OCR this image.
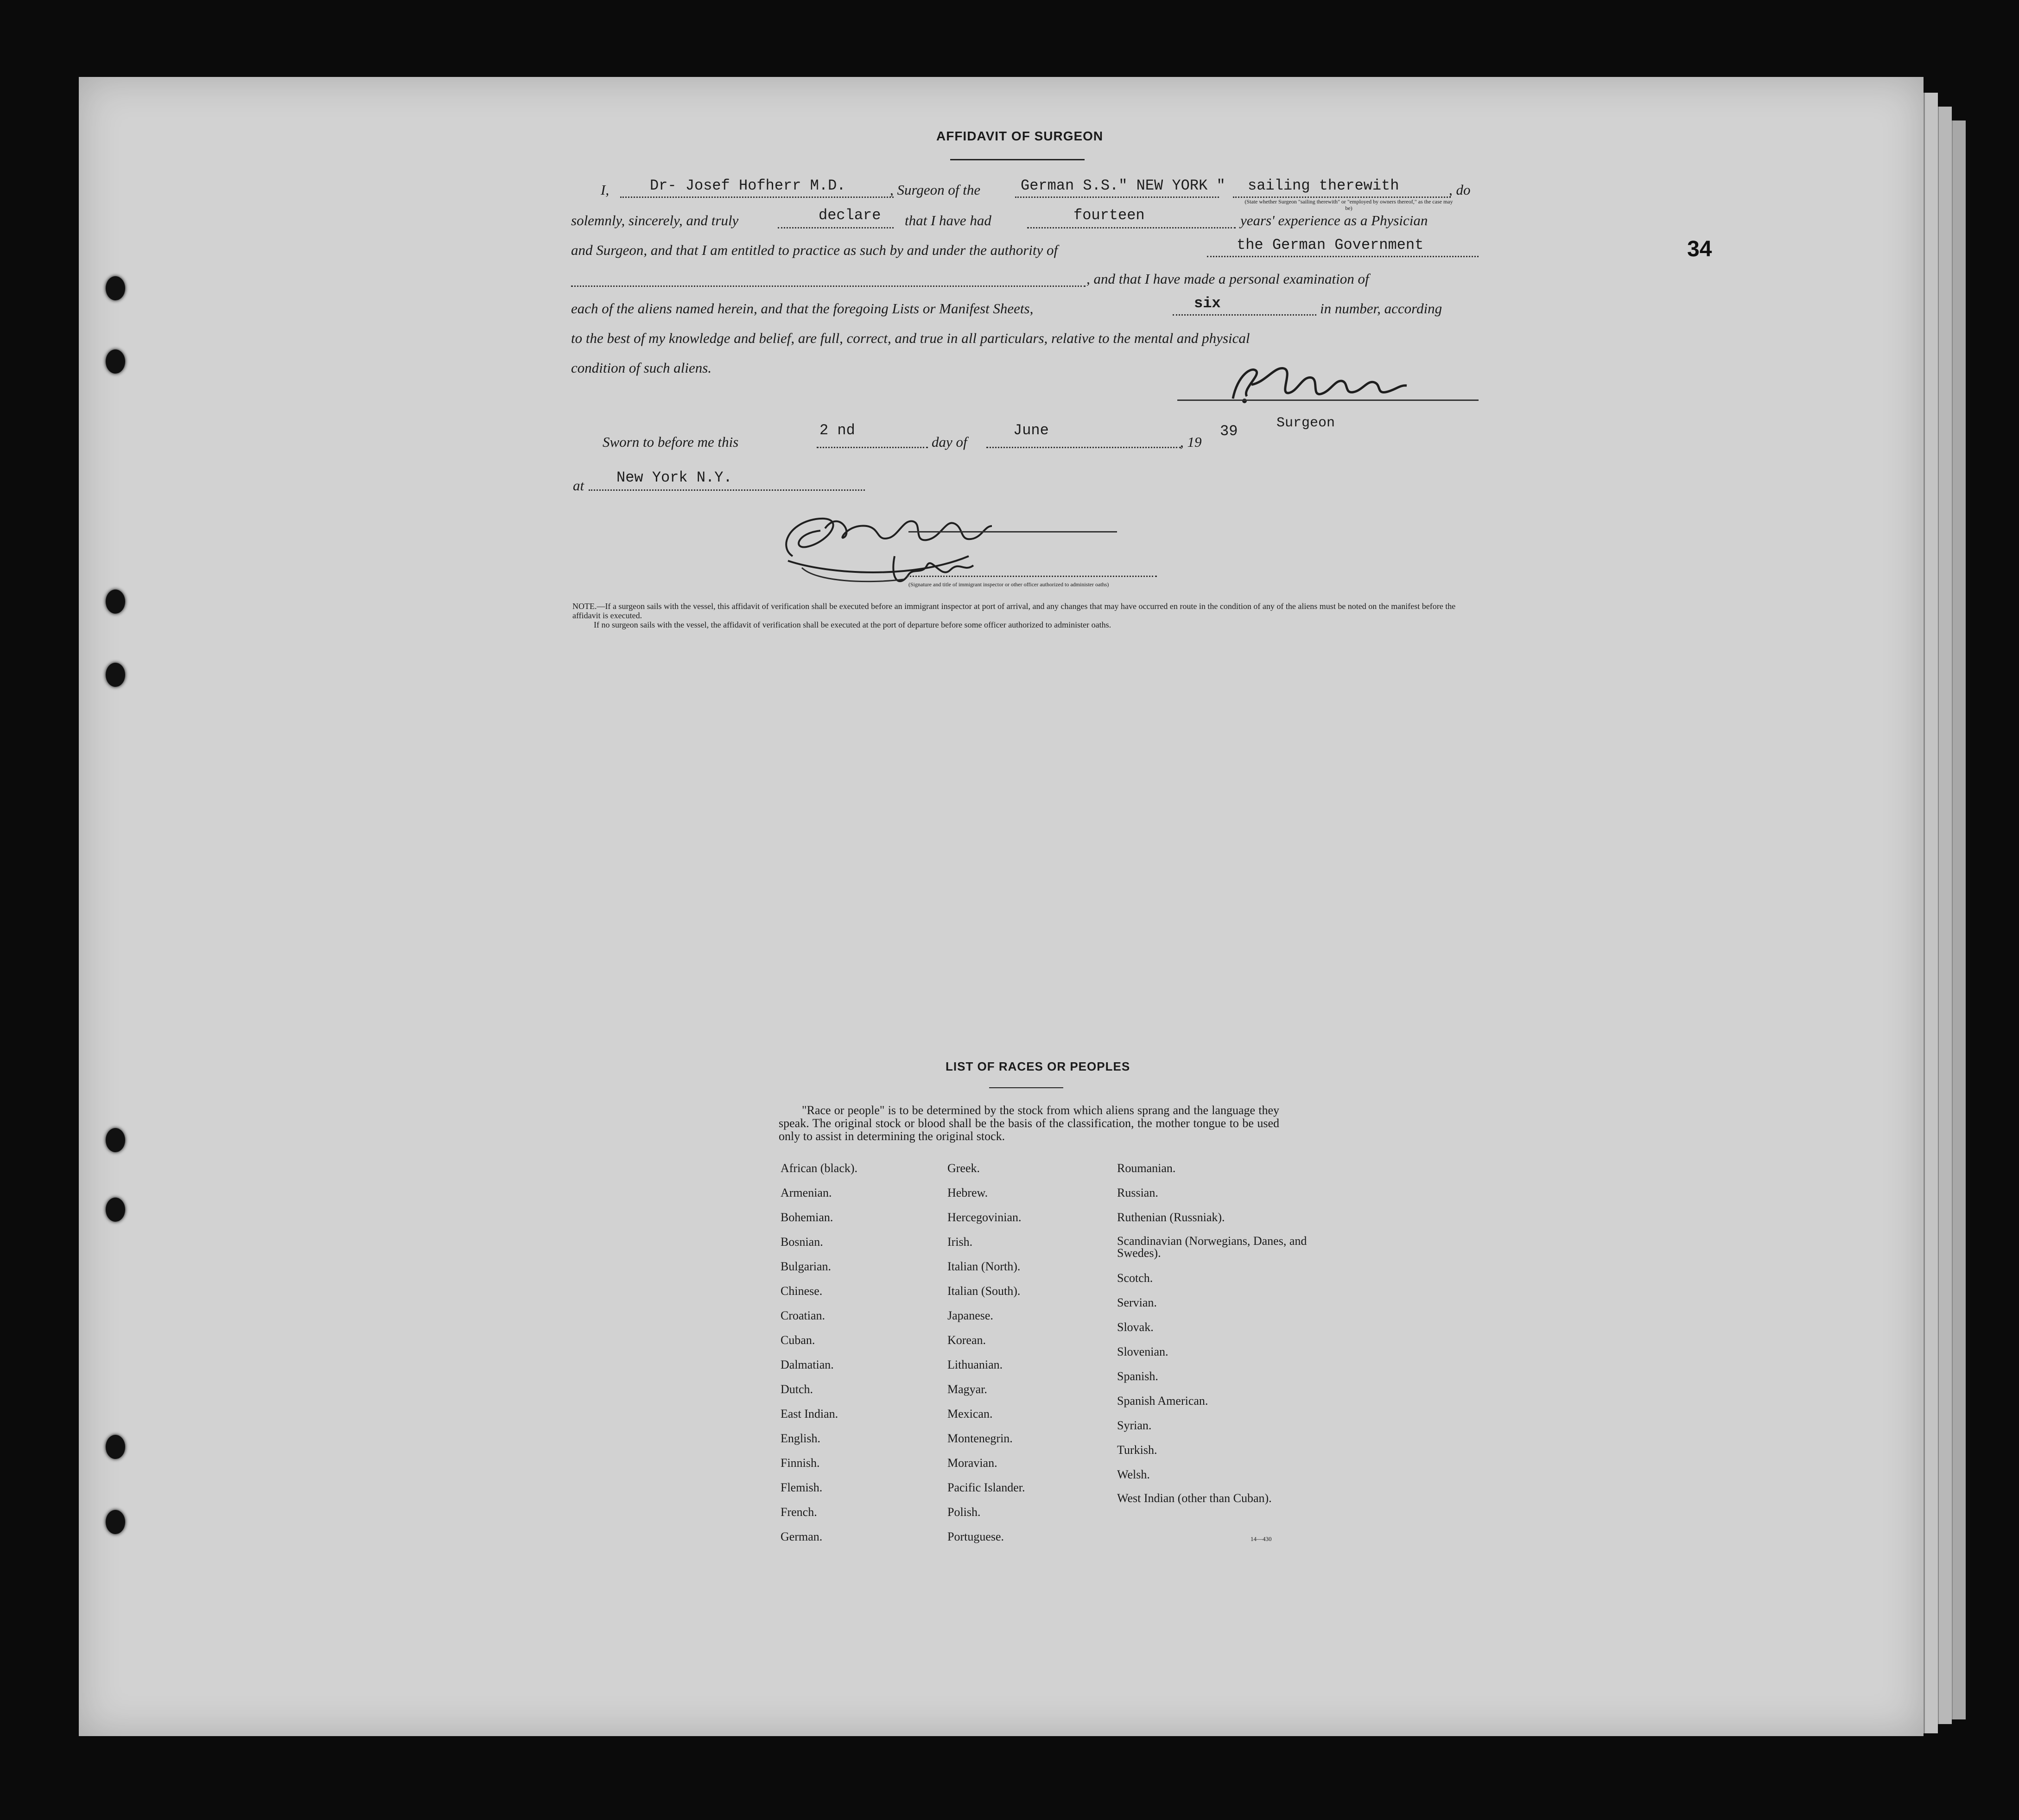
34
AFFIDAVIT OF SURGEON
I,	Dr- Josef Hofherr M.D.	, Surgeon of the	German S.S." NEW YORK " sailing therewith	, do
(State whether Surgeon "sailing therewith" or "employed by owners thereof," as the case may be)
solemnly, sincerely, and truly	declare that I have had	fourteen	years' experience as a Physician
and Surgeon, and that I am entitled to practice as such by and under the authority of	the German Government
, and that I have made a personal examination of
each of the aliens named herein, and that the foregoing Lists or Manifest Sheets,	six	in number, according
to the best of my knowledge and belief, are full, correct, and true in all particulars, relative to the mental and physical
condition of such aliens.
Surgeon
Sworn to before me this
2 nd
day of
June
, 19
39
at New York N.Y.
(Signature and title of immigrant inspector or other officer authorized to administer oaths)
NOTE.—If a surgeon sails with the vessel, this affidavit of verification shall be executed before an immigrant inspector at port of arrival, and any changes that may have occurred en route in the condition of any of the aliens must be noted on the manifest before the affidavit is executed.
If no surgeon sails with the vessel, the affidavit of verification shall be executed at the port of departure before some officer authorized to administer oaths.
LIST OF RACES OR PEOPLES
"Race or people" is to be determined by the stock from which aliens sprang and the language they speak. The original stock or blood shall be the basis of the classification, the mother tongue to be used only to assist in determining the original stock.
African (black).
Armenian.
Bohemian.
Bosnian.
Bulgarian.
Chinese.
Croatian.
Cuban.
Dalmatian.
Dutch.
East Indian.
English.
Finnish.
Flemish.
French.
German.
Greek.
Hebrew.
Hercegovinian.
Irish.
Italian (North).
Italian (South).
Japanese.
Korean.
Lithuanian.
Magyar.
Mexican.
Montenegrin.
Moravian.
Pacific Islander.
Polish.
Portuguese.
Roumanian.
Russian.
Ruthenian (Russniak).
Scandinavian (Norwegians, Danes, and Swedes).
Scotch.
Servian.
Slovak.
Slovenian.
Spanish.
Spanish American.
Syrian.
Turkish.
Welsh.
West Indian (other than Cuban).
14—430
